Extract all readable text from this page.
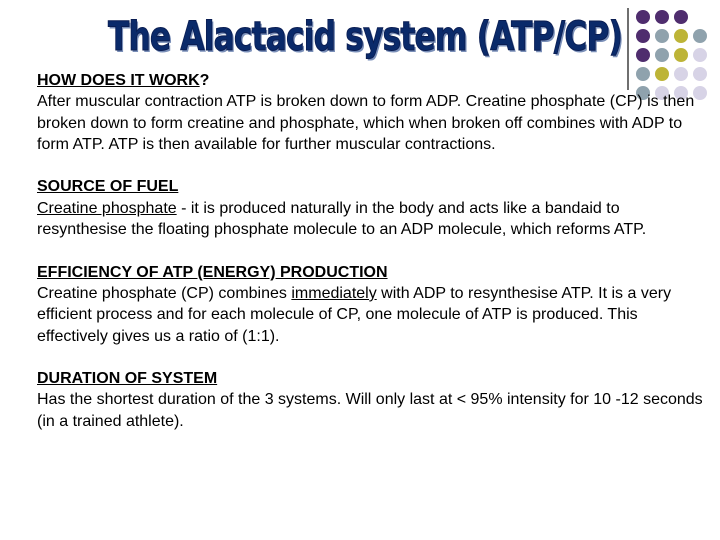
The Alactacid system (ATP/CP)

HOW DOES IT WORK?

After muscular contraction ATP is broken down to form ADP. Creatine phosphate (CP) is then broken down to form creatine and phosphate, which when broken off combines with ADP to form ATP. ATP is then available for further muscular contractions.

SOURCE OF FUEL

Creatine phosphate - it is produced naturally in the body and acts like a bandaid to resynthesise the floating phosphate molecule to an ADP molecule, which reforms ATP.

EFFICIENCY OF ATP (ENERGY) PRODUCTION

Creatine phosphate (CP) combines immediately with ADP to resynthesise ATP. It is a very efficient process and for each molecule of CP, one molecule of ATP is produced. This effectively gives us a ratio of (1:1).

DURATION OF SYSTEM

Has the shortest duration of the 3 systems. Will only last at < 95% intensity for 10 -12 seconds (in a trained athlete).
